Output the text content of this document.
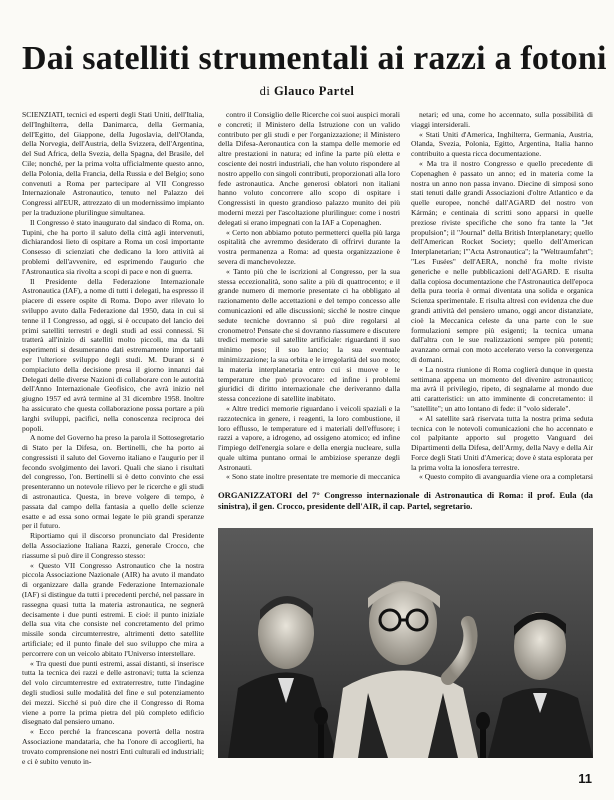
Dai satelliti strumentali ai razzi a fotoni
di Glauco Partel

SCIENZIATI, tecnici ed esperti degli Stati Uniti, dell'Italia, dell'Inghilterra, della Danimarca, della Germania, dell'Egitto, del Giappone, della Jugoslavia, dell'Olanda, della Norvegia, dell'Austria, della Svizzera, dell'Argentina, del Sud Africa, della Svezia, della Spagna, del Brasile, del Cile; nonché, per la prima volta ufficialmente questo anno, della Polonia, della Francia, della Russia e del Belgio; sono convenuti a Roma per partecipare al VII Congresso Internazionale Astronautico, tenuto nel Palazzo dei Congressi all'EUR, attrezzato di un modernissimo impianto per la traduzione plurilingue simultanea.

Il Congresso è stato inaugurato dal sindaco di Roma, on. Tupini, che ha porto il saluto della città agli intervenuti, dichiarandosi lieto di ospitare a Roma un così importante Consesso di scienziati che dedicano la loro attività ai problemi dell'avvenire, ed esprimendo l'augurio che l'Astronautica sia rivolta a scopi di pace e non di guerra.

Il Presidente della Federazione Internazionale Astronautica (IAF), a nome di tutti i delegati, ha espresso il piacere di essere ospite di Roma. Dopo aver rilevato lo sviluppo avuto dalla Federazione dal 1950, data in cui si tenne il I Congresso, ad oggi, si è occupato del lancio dei primi satelliti terrestri e degli studi ad essi connessi. Si tratterà all'inizio di satelliti molto piccoli, ma da tali esperimenti si desumeranno dati estremamente importanti per l'ulteriore sviluppo degli studi. M. Durant si è compiaciuto della decisione presa il giorno innanzi dai Delegati delle diverse Nazioni di collaborare con le autorità dell'Anno Internazionale Geofisico, che avrà inizio nel giugno 1957 ed avrà termine al 31 dicembre 1958. Inoltre ha assicurato che questa collaborazione possa portare a più larghi sviluppi, pacifici, nella conoscenza reciproca dei popoli.

A nome del Governo ha preso la parola il Sottosegretario di Stato per la Difesa, on. Bertinelli, che ha porto ai congressisti il saluto del Governo italiano e l'augurio per il fecondo svolgimento dei lavori. Quali che siano i risultati del congresso, l'on. Bertinelli si è detto convinto che essi presenteranno un notevole rilievo per le ricerche e gli studi di astronautica. Questa, in breve volgere di tempo, è passata dal campo della fantasia a quello delle scienze esatte e ad essa sono ormai legate le più grandi speranze per il futuro.

Riportiamo qui il discorso pronunciato dal Presidente della Associazione Italiana Razzi, generale Crocco, che riassume sì può dire il Congresso stesso:

« Questo VII Congresso Astronautico che la nostra piccola Associazione Nazionale (AIR) ha avuto il mandato di organizzare dalla grande Federazione Internazionale (IAF) si distingue da tutti i precedenti perché, nel passare in rassegna quasi tutta la materia astronautica, ne segnerà decisamente i due punti estremi. E cioè: il punto iniziale della sua vita che consiste nel concretamento del primo missile sonda circumterrestre, altrimenti detto satellite artificiale; ed il punto finale del suo sviluppo che mira a percorrere con un veicolo abitato l'Universo interstellare.

« Tra questi due punti estremi, assai distanti, si inserisce tutta la tecnica dei razzi e delle astronavi; tutta la scienza del volo circumterrestre ed extraterrestre, tutte l'indagine degli studiosi sulle modalità del fine e sul potenziamento dei mezzi. Sicché si può dire che il Congresso di Roma viene a porre la prima pietra del più completo edificio disegnato dal pensiero umano.

« Ecco perché la francescana povertà della nostra Associazione mandataria, che ha l'onore di accoglierti, ha trovato comprensione nei nostri Enti culturali ed industriali; e ci è subito venuto in-

contro il Consiglio delle Ricerche coi suoi auspici morali e concreti; il Ministero della Istruzione con un valido contributo per gli studi e per l'organizzazione; il Ministero della Difesa-Aeronautica con la stampa delle memorie ed altre prestazioni in natura; ed infine la parte più eletta e cosciente dei nostri industriali, che han voluto rispondere al nostro appello con singoli contributi, proporzionati alla loro fede astronautica. Anche generosi oblatori non italiani hanno voluto concorrere allo scopo di ospitare i Congressisti in questo grandioso palazzo munito dei più moderni mezzi per l'ascoltazione plurilingue: come i nostri delegati si erano impegnati con la IAF a Copenaghen.

« Certo non abbiamo potuto permetterci quella più larga ospitalità che avremmo desiderato di offrirvi durante la vostra permanenza a Roma: ad questa organizzazione è severa di manchevolezze.

« Tanto più che le iscrizioni al Congresso, per la sua stessa eccezionalità, sono salite a più di quattrocento; e il grande numero di memorie presentate ci ha obbligato al razionamento delle accettazioni e del tempo concesso alle comunicazioni ed alle discussioni; sicché le nostre cinque sedute tecniche dovranno sì può dire regolarsi al cronometro! Pensate che si dovranno riassumere e discutere tredici memorie sul satellite artificiale: riguardanti il suo minimo peso; il suo lancio; la sua eventuale minimizzazione; la sua orbita e le irregolarità del suo moto; la materia interplanetaria entro cui si muove e le temperature che può provocare: ed infine i problemi giuridici di diritto internazionale che deriveranno dalla stessa concezione di satellite inabitato.

« Altre tredici memorie riguardano i veicoli spaziali e la razzotecnica in genere, i reagenti, la loro combustione, il loro efflusso, le temperature ed i materiali dell'effusore; i razzi a vapore, a idrogeno, ad ossigeno atomico; ed infine l'impiego dell'energia solare e della energia nucleare, sulla quale ultima puntano ormai le ambiziose speranze degli Astronauti.

« Sono state inoltre presentate tre memorie di meccanica

netari; ed una, come ho accennato, sulla possibilità di viaggi intersiderali.

« Stati Uniti d'America, Inghilterra, Germania, Austria, Olanda, Svezia, Polonia, Egitto, Argentina, Italia hanno contribuito a questa ricca documentazione.

« Ma tra il nostro Congresso e quello precedente di Copenaghen è passato un anno; ed in materia come la nostra un anno non passa invano. Diecine di simposi sono stati tenuti dalle grandi Associazioni d'oltre Atlantico e da quelle europee, nonché dall'AGARD del nostro von Kármán; e centinaia di scritti sono apparsi in quelle preziose riviste specifiche che sono fra tante la "Jet propulsion"; il "Journal" della British Interplanetary; quello dell'American Rocket Society; quello dell'American Interplanetarian; l'"Acta Astronautica"; la "Weltraumfahrt"; "Les Fusées" dell'AERA, nonché fra molte riviste generiche e nelle pubblicazioni dell'AGARD. E risulta dalla copiosa documentazione che l'Astronautica dell'epoca della pura teoria è ormai diventata una solida e organica Scienza sperimentale. E risulta altresì con evidenza che due grandi attività del pensiero umano, oggi ancor distanziate, cioè la Meccanica celeste da una parte con le sue formulazioni sempre più esigenti; la tecnica umana dall'altra con le sue realizzazioni sempre più potenti; avanzano ormai con moto accelerato verso la convergenza di domani.

« La nostra riunione di Roma coglierà dunque in questa settimana appena un momento del divenire astronautico; ma avrà il privilegio, ripeto, di segnalarne al mondo due atti caratteristici: un atto imminente di concretamento: il "satellite"; un atto lontano di fede: il "volo siderale".

« Al satellite sarà riservata tutta la nostra prima seduta tecnica con le notevoli comunicazioni che ho accennato e col palpitante apporto sul progetto Vanguard dei Dipartimenti della Difesa, dell'Army, della Navy e della Air Force degli Stati Uniti d'America; dove è stata esplorata per la prima volta la ionosfera terrestre.

« Questo compito di avanguardia viene ora a completarsi

ORGANIZZATORI del 7° Congresso internazionale di Astronautica di Roma: il prof. Eula (da sinistra), il gen. Crocco, presidente dell'AIR, il cap. Partel, segretario.
11
